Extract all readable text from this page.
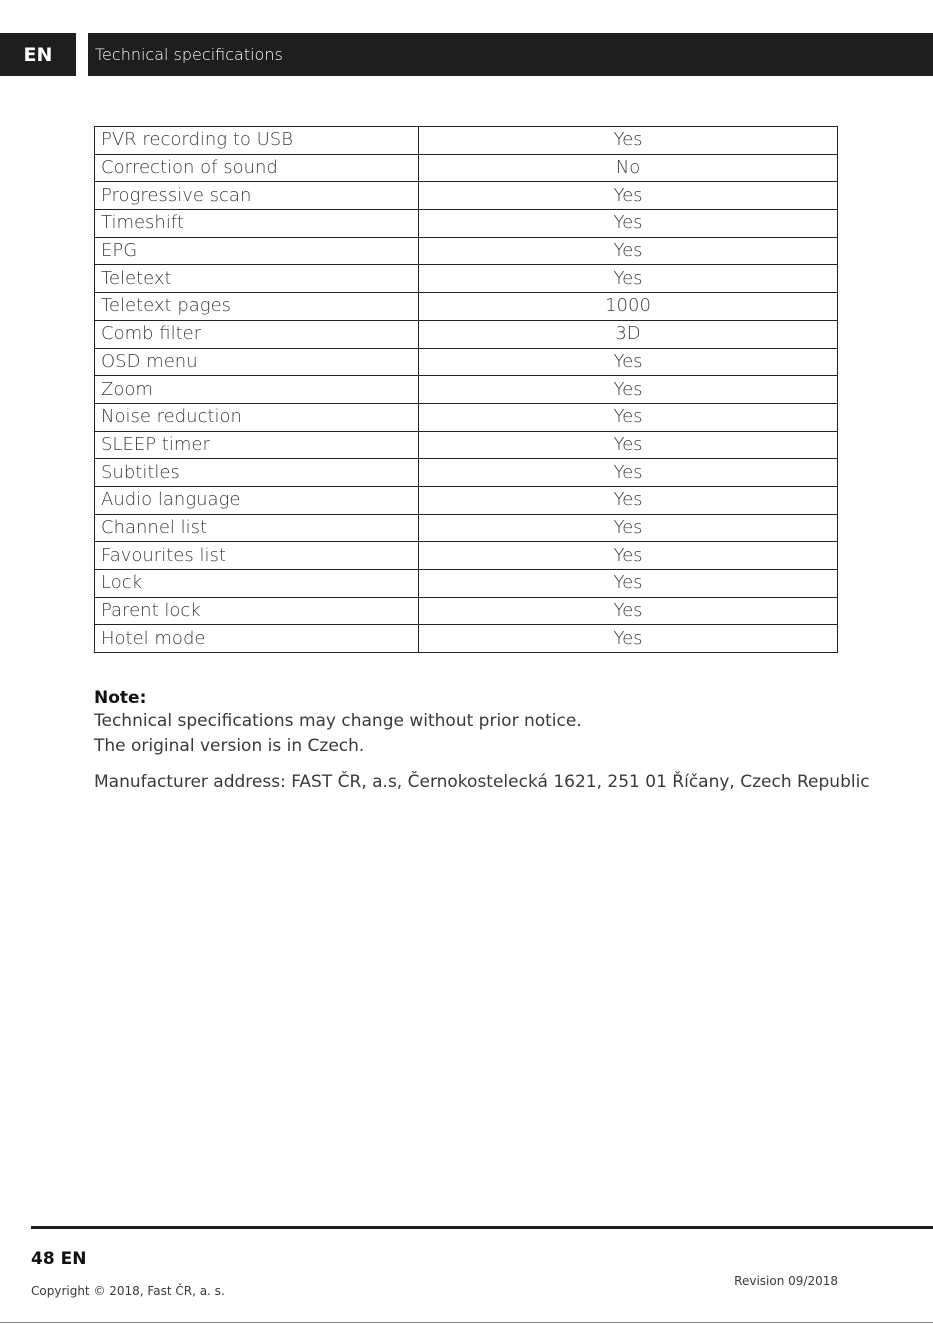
EN	Technical specifications
PVR recording to USB	Yes
Correction of sound	No
Progressive scan	Yes
Timeshift	Yes
EPG	Yes
Teletext	Yes
Teletext pages	1000
Comb filter	3D
OSD menu	Yes
Zoom	Yes
Noise reduction	Yes
SLEEP timer	Yes
Subtitles	Yes
Audio language	Yes
Channel list	Yes
Favourites list	Yes
Lock	Yes
Parent lock	Yes
Hotel mode	Yes
Note:
Technical specifications may change without prior notice.
The original version is in Czech.
Manufacturer address: FAST ČR, a.s, Černokostelecká 1621, 251 01 Říčany, Czech Republic
48 EN
Copyright © 2018, Fast ČR, a. s.
Revision 09/2018
